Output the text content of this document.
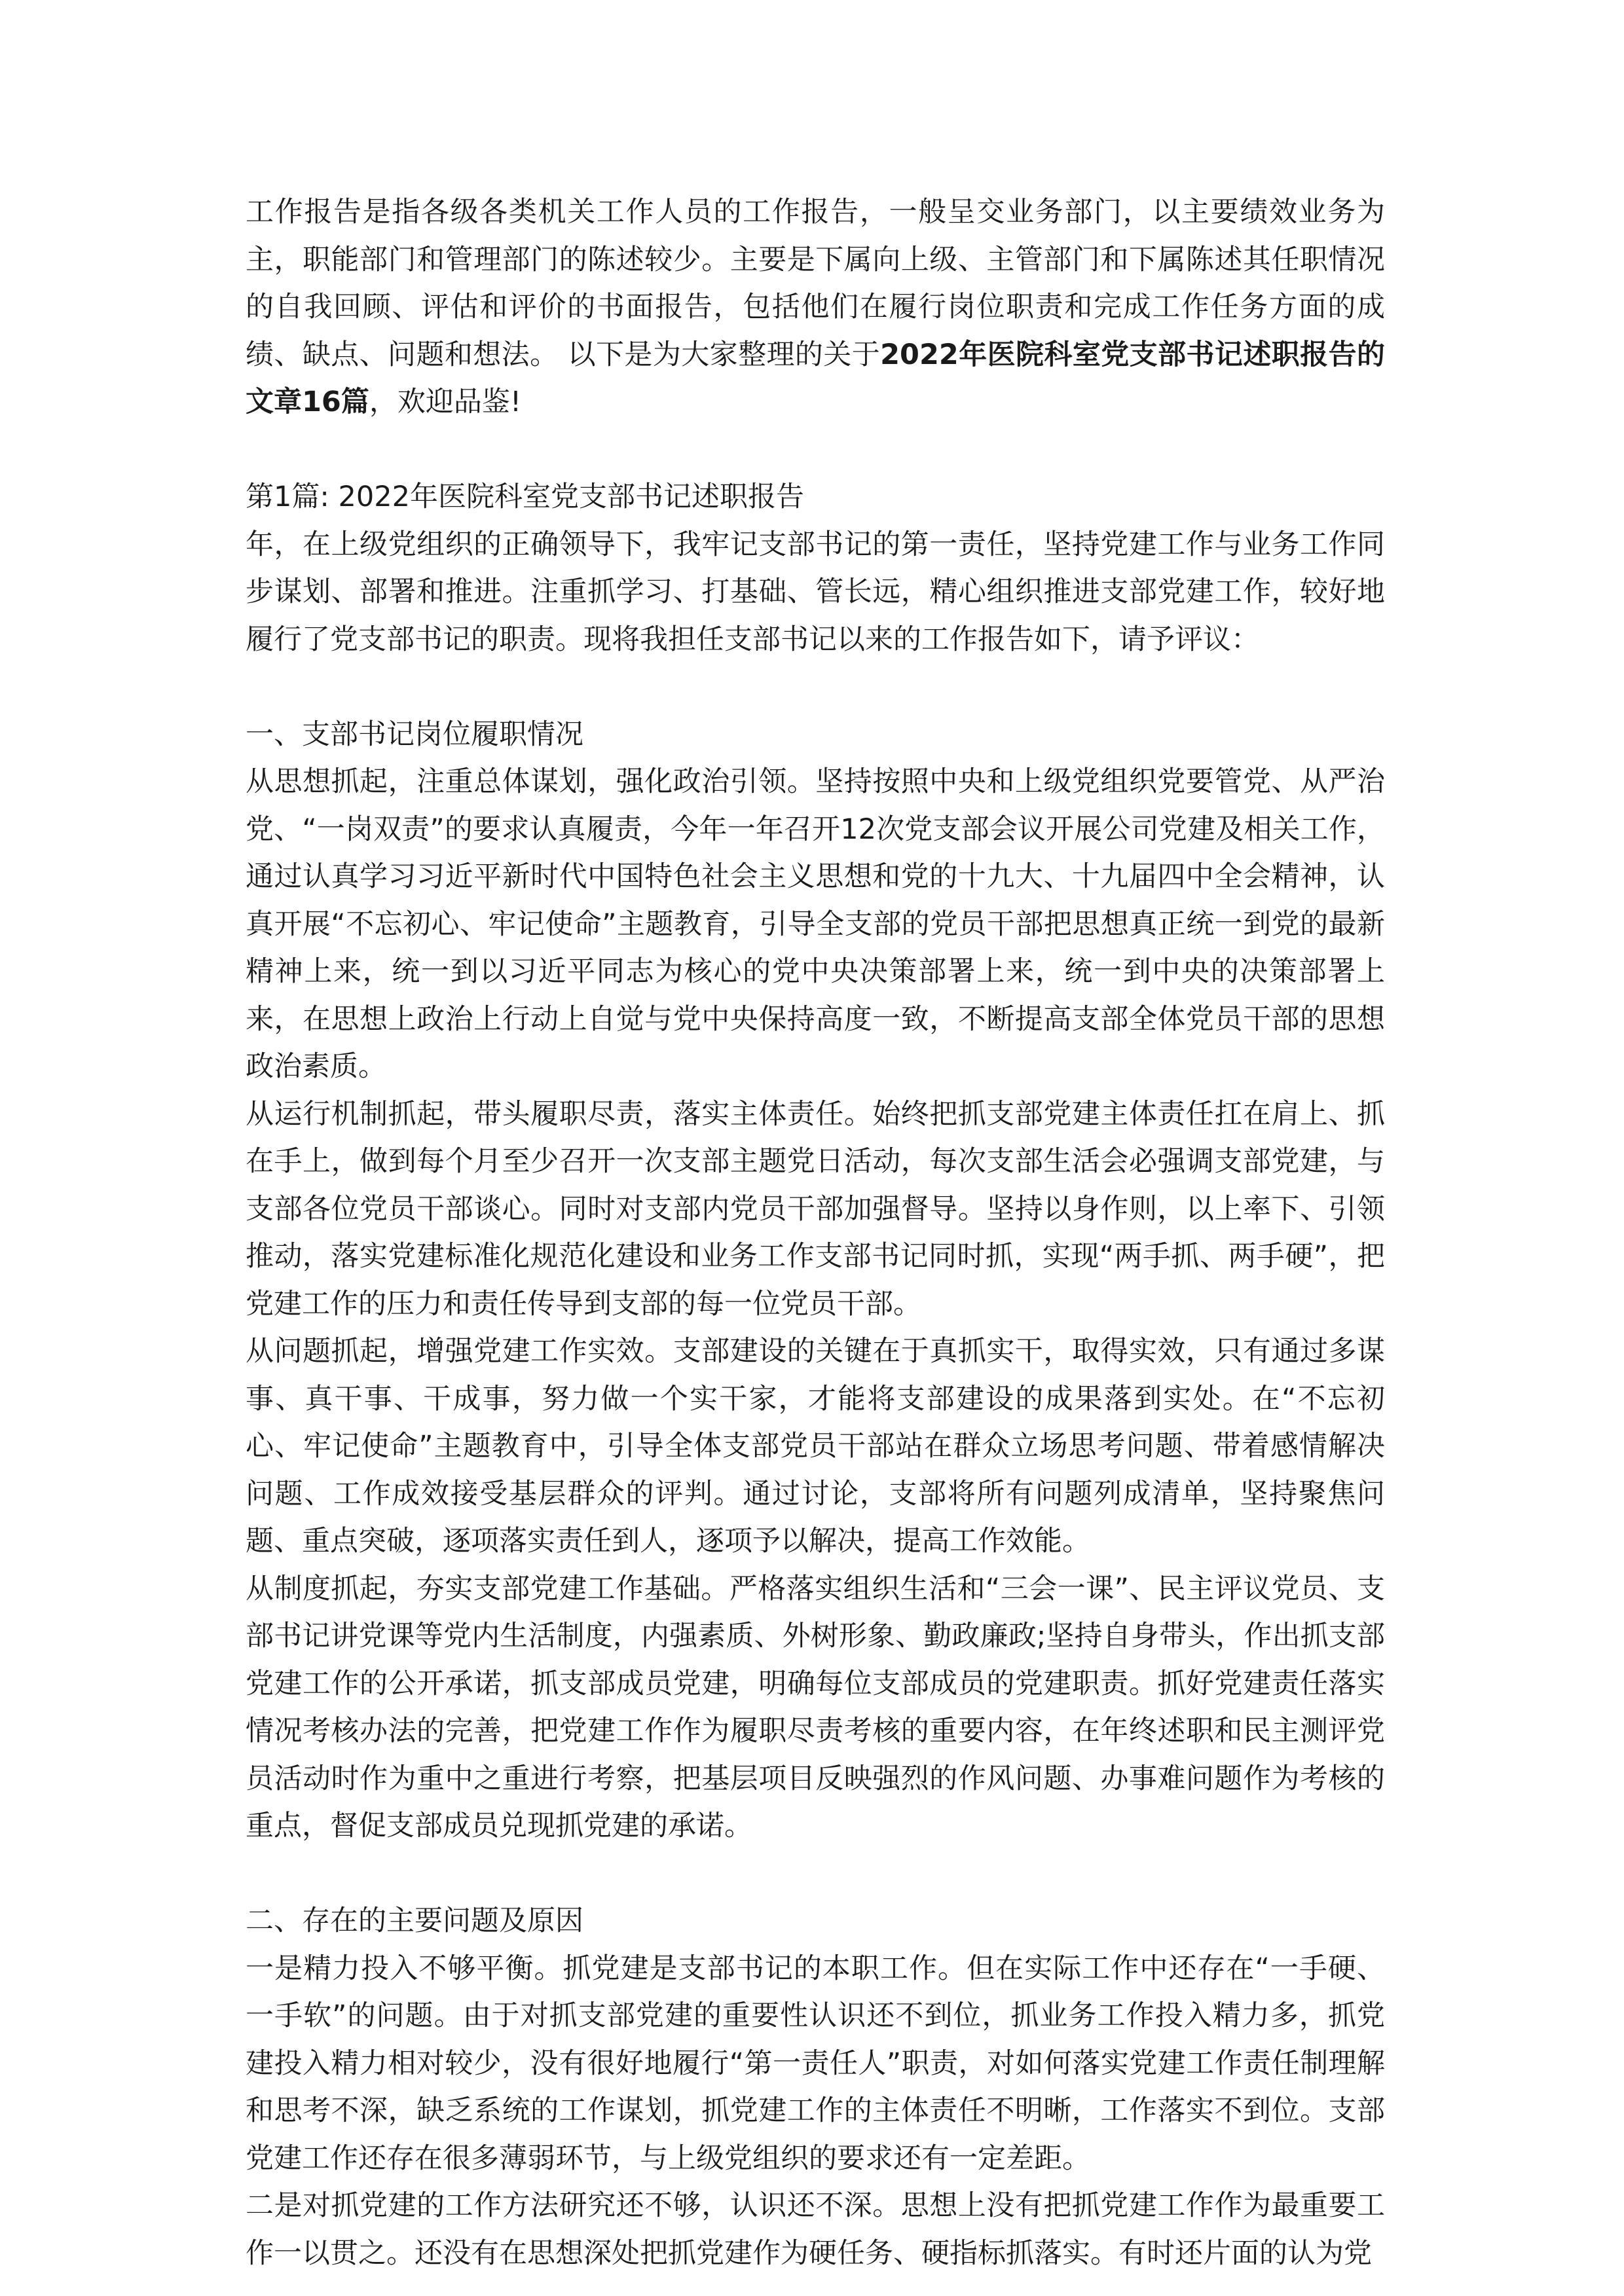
工作报告是指各级各类机关工作人员的工作报告，一般呈交业务部门，以主要绩效业务为主，职能部门和管理部门的陈述较少。主要是下属向上级、主管部门和下属陈述其任职情况的自我回顾、评估和评价的书面报告，包括他们在履行岗位职责和完成工作任务方面的成绩、缺点、问题和想法。 以下是为大家整理的关于2022年医院科室党支部书记述职报告的文章16篇，欢迎品鉴!

第1篇: 2022年医院科室党支部书记述职报告

年，在上级党组织的正确领导下，我牢记支部书记的第一责任，坚持党建工作与业务工作同步谋划、部署和推进。注重抓学习、打基础、管长远，精心组织推进支部党建工作，较好地履行了党支部书记的职责。现将我担任支部书记以来的工作报告如下，请予评议：

一、支部书记岗位履职情况

从思想抓起，注重总体谋划，强化政治引领。坚持按照中央和上级党组织党要管党、从严治党、“一岗双责”的要求认真履责，今年一年召开12次党支部会议开展公司党建及相关工作，通过认真学习习近平新时代中国特色社会主义思想和党的十九大、十九届四中全会精神，认真开展“不忘初心、牢记使命”主题教育，引导全支部的党员干部把思想真正统一到党的最新精神上来，统一到以习近平同志为核心的党中央决策部署上来，统一到中央的决策部署上来，在思想上政治上行动上自觉与党中央保持高度一致，不断提高支部全体党员干部的思想政治素质。

从运行机制抓起，带头履职尽责，落实主体责任。始终把抓支部党建主体责任扛在肩上、抓在手上，做到每个月至少召开一次支部主题党日活动，每次支部生活会必强调支部党建，与支部各位党员干部谈心。同时对支部内党员干部加强督导。坚持以身作则，以上率下、引领推动，落实党建标准化规范化建设和业务工作支部书记同时抓，实现“两手抓、两手硬”，把党建工作的压力和责任传导到支部的每一位党员干部。

从问题抓起，增强党建工作实效。支部建设的关键在于真抓实干，取得实效，只有通过多谋事、真干事、干成事，努力做一个实干家，才能将支部建设的成果落到实处。在“不忘初心、牢记使命”主题教育中，引导全体支部党员干部站在群众立场思考问题、带着感情解决问题、工作成效接受基层群众的评判。通过讨论，支部将所有问题列成清单，坚持聚焦问题、重点突破，逐项落实责任到人，逐项予以解决，提高工作效能。

从制度抓起，夯实支部党建工作基础。严格落实组织生活和“三会一课”、民主评议党员、支部书记讲党课等党内生活制度，内强素质、外树形象、勤政廉政;坚持自身带头，作出抓支部党建工作的公开承诺，抓支部成员党建，明确每位支部成员的党建职责。抓好党建责任落实情况考核办法的完善，把党建工作作为履职尽责考核的重要内容，在年终述职和民主测评党员活动时作为重中之重进行考察，把基层项目反映强烈的作风问题、办事难问题作为考核的重点，督促支部成员兑现抓党建的承诺。

二、存在的主要问题及原因

一是精力投入不够平衡。抓党建是支部书记的本职工作。但在实际工作中还存在“一手硬、一手软”的问题。由于对抓支部党建的重要性认识还不到位，抓业务工作投入精力多，抓党建投入精力相对较少，没有很好地履行“第一责任人”职责，对如何落实党建工作责任制理解和思考不深，缺乏系统的工作谋划，抓党建工作的主体责任不明晰，工作落实不到位。支部党建工作还存在很多薄弱环节，与上级党组织的要求还有一定差距。

二是对抓党建的工作方法研究还不够，认识还不深。思想上没有把抓党建工作作为最重要工作一以贯之。还没有在思想深处把抓党建作为硬任务、硬指标抓落实。有时还片面的认为党
